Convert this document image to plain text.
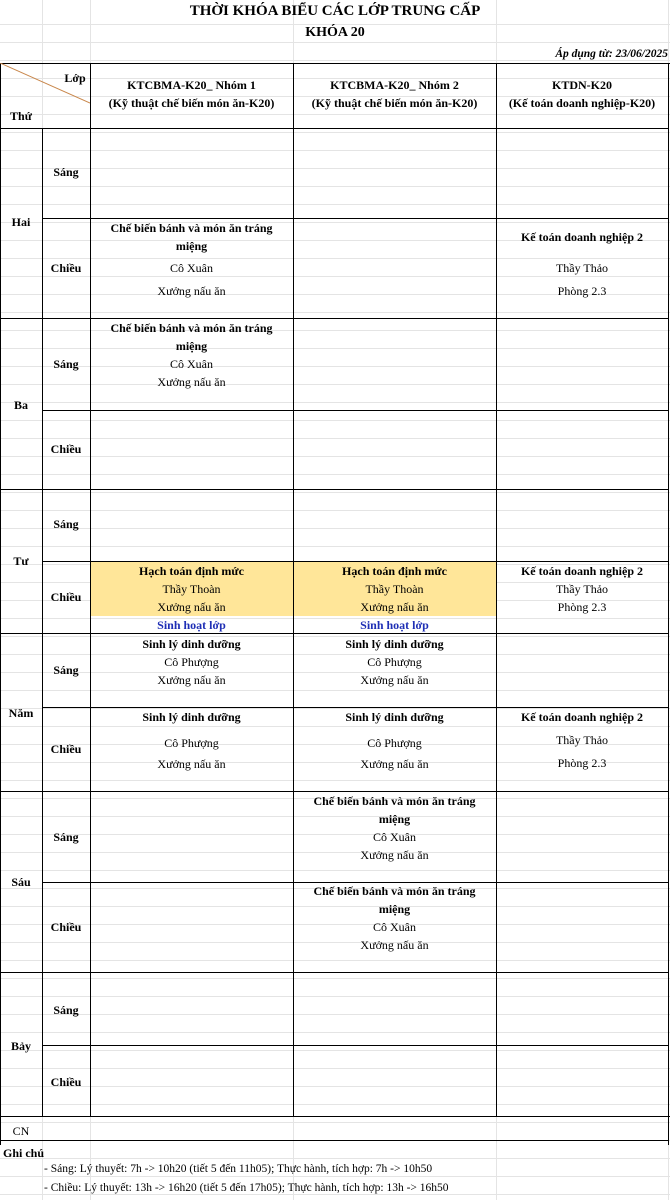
THỜI KHÓA BIỂU CÁC LỚP TRUNG CẤP
KHÓA 20
Áp dụng từ: 23/06/2025
Lớp
Thứ
KTCBMA-K20_ Nhóm 1
(Kỹ thuật chế biến món ăn-K20)
KTCBMA-K20_ Nhóm 2
(Kỹ thuật chế biến món ăn-K20)
KTDN-K20
(Kế toán doanh nghiệp-K20)
Hai
Ba
Tư
Năm
Sáu
Bảy
CN
Sáng
Chiều
Sáng
Chiều
Sáng
Chiều
Sáng
Chiều
Sáng
Chiều
Sáng
Chiều
Chế biến bánh và món ăn tráng
miệng
Cô Xuân
Xưởng nấu ăn
Kế toán doanh nghiệp 2
Thầy Thảo
Phòng 2.3
Chế biến bánh và món ăn tráng
miệng
Cô Xuân
Xưởng nấu ăn
Hạch toán định mức
Thầy Thoàn
Xưởng nấu ăn
Sinh hoạt lớp
Hạch toán định mức
Thầy Thoàn
Xưởng nấu ăn
Sinh hoạt lớp
Kế toán doanh nghiệp 2
Thầy Thảo
Phòng 2.3
Sinh lý dinh dưỡng
Cô Phượng
Xưởng nấu ăn
Sinh lý dinh dưỡng
Cô Phượng
Xưởng nấu ăn
Sinh lý dinh dưỡng
Cô Phượng
Xưởng nấu ăn
Sinh lý dinh dưỡng
Cô Phượng
Xưởng nấu ăn
Kế toán doanh nghiệp 2
Thầy Thảo
Phòng 2.3
Chế biến bánh và món ăn tráng
miệng
Cô Xuân
Xưởng nấu ăn
Chế biến bánh và món ăn tráng
miệng
Cô Xuân
Xưởng nấu ăn
Ghi chú
- Sáng: Lý thuyết: 7h -> 10h20 (tiết 5 đến 11h05); Thực hành, tích hợp: 7h -> 10h50
- Chiều: Lý thuyết: 13h -> 16h20 (tiết 5 đến 17h05); Thực hành, tích hợp: 13h -> 16h50
